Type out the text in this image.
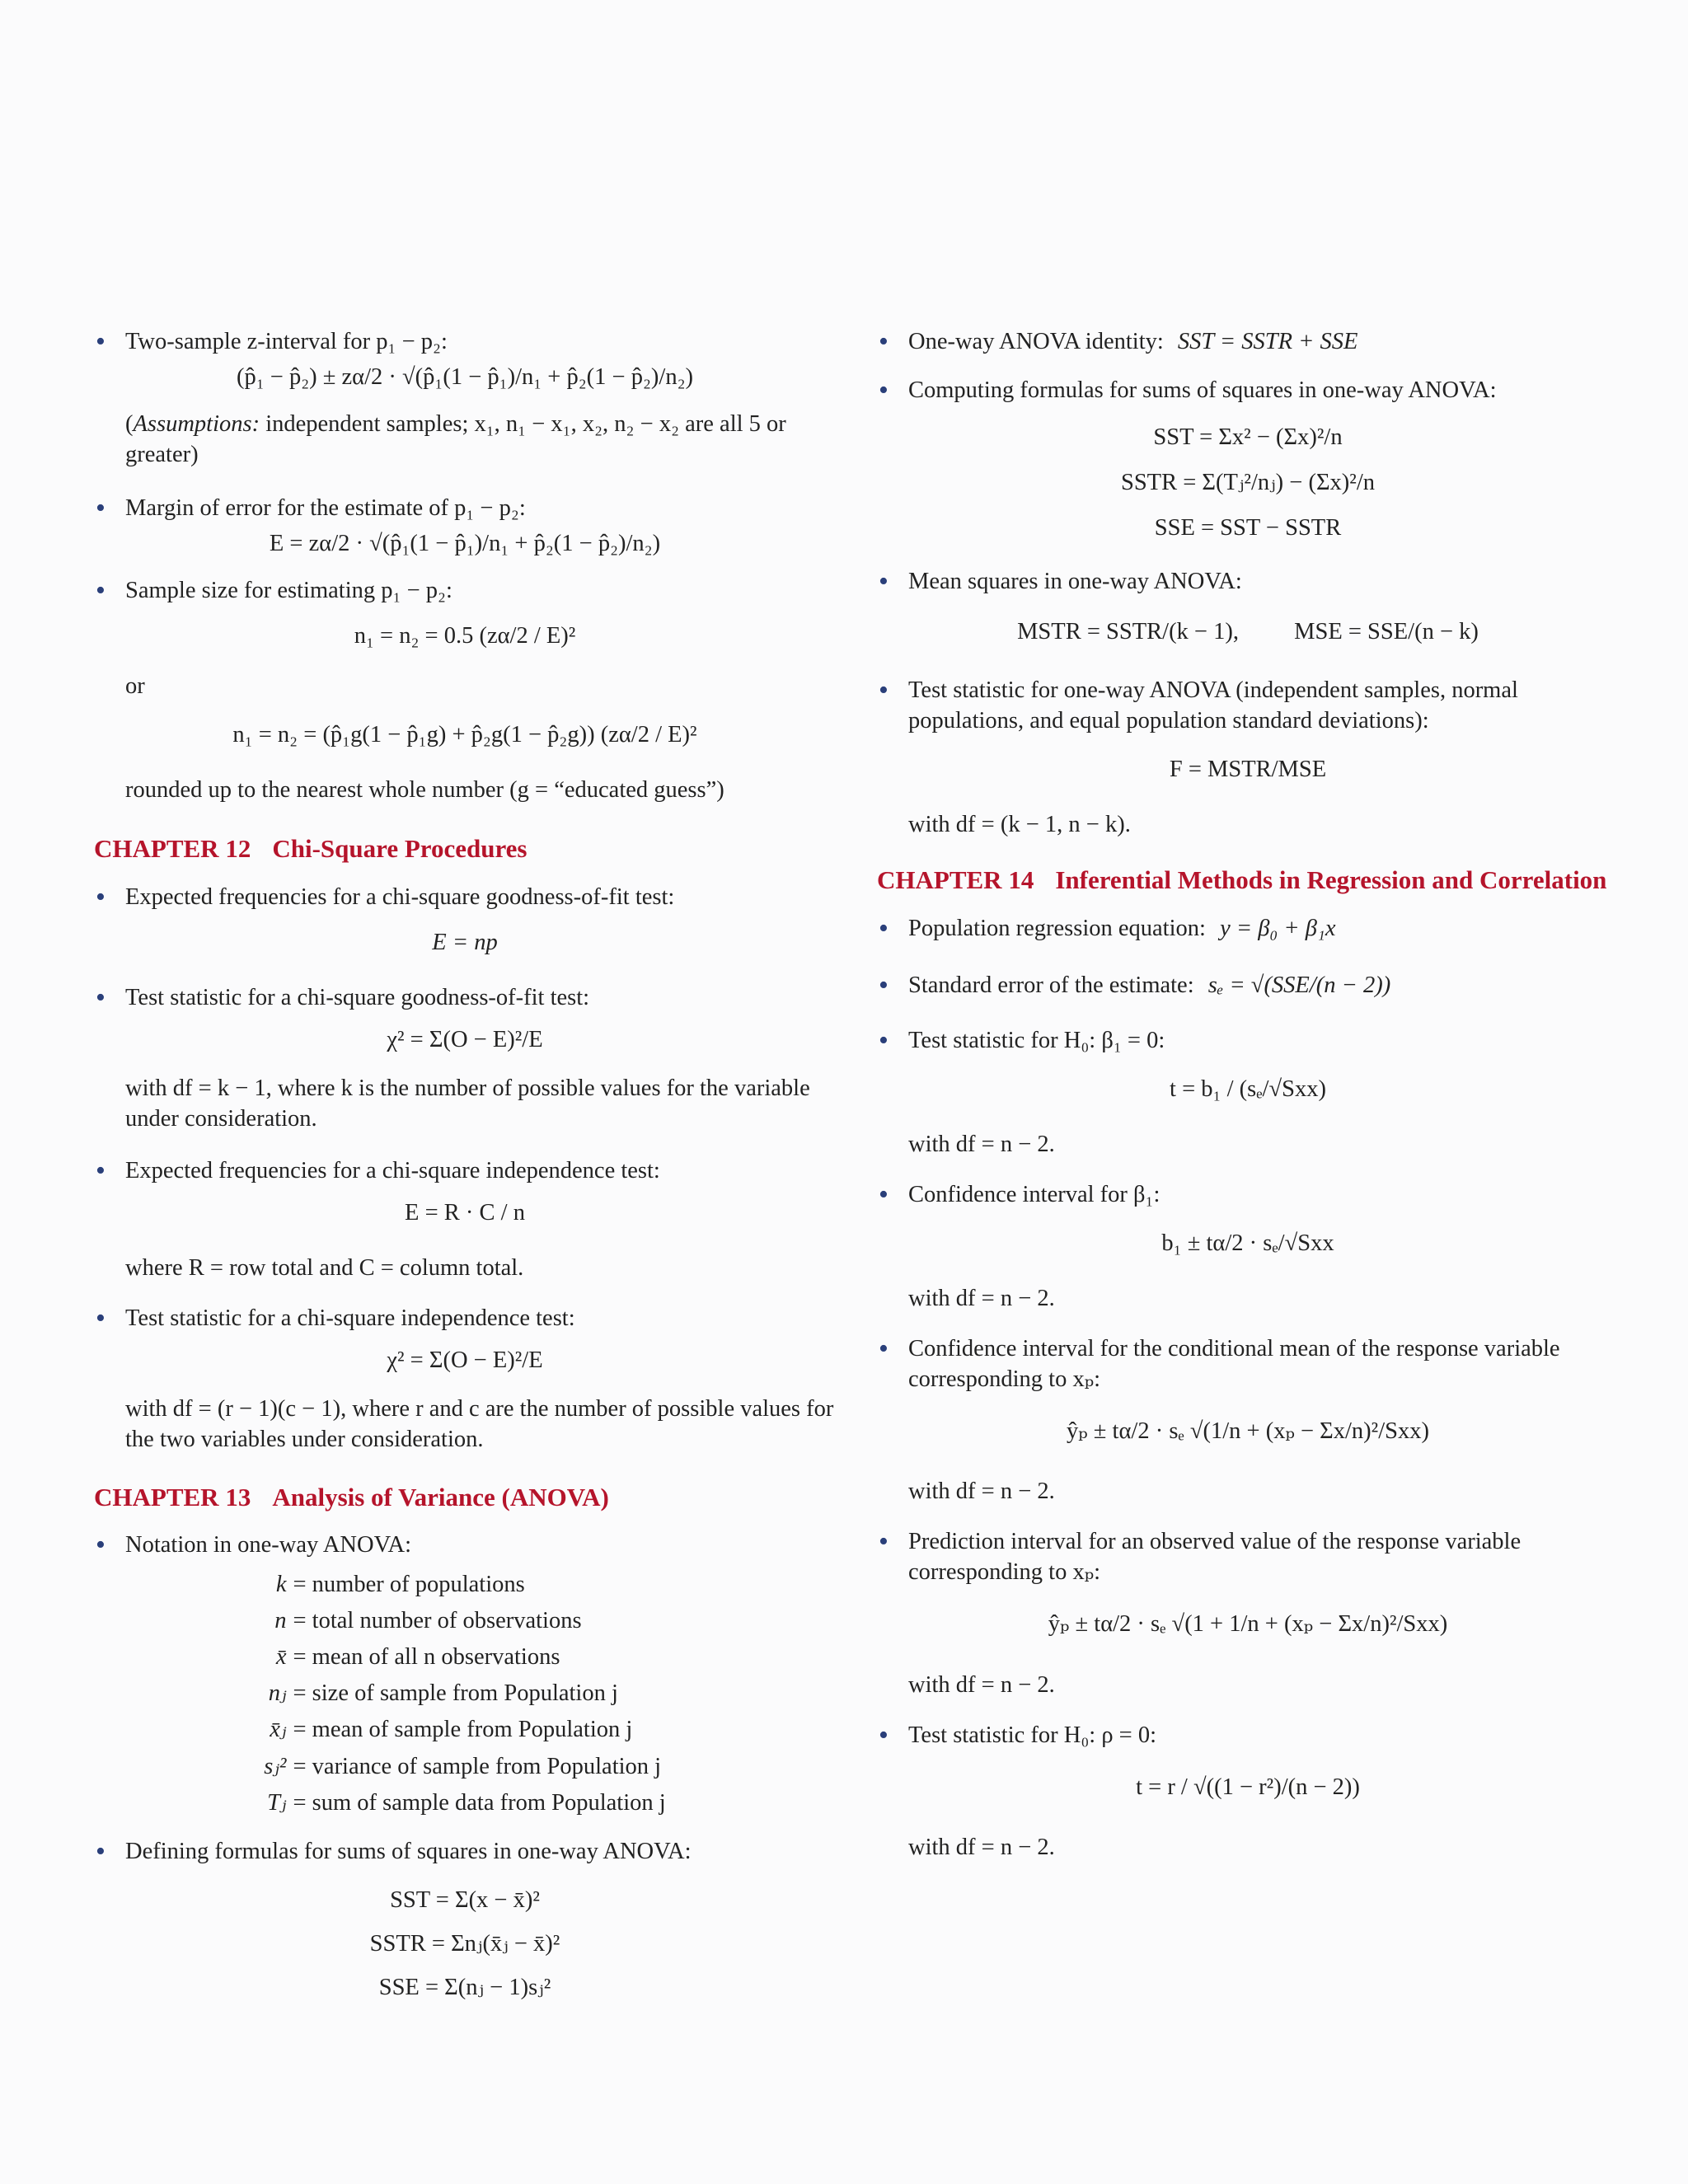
• Two-sample z-interval for p₁ − p₂:
(p̂₁ − p̂₂) ± zα/2 · √(p̂₁(1 − p̂₁)/n₁ + p̂₂(1 − p̂₂)/n₂)
(Assumptions: independent samples; x₁, n₁ − x₁, x₂, n₂ − x₂ are all 5 or greater)
• Margin of error for the estimate of p₁ − p₂:
E = zα/2 · √(p̂₁(1 − p̂₁)/n₁ + p̂₂(1 − p̂₂)/n₂)
• Sample size for estimating p₁ − p₂:
n₁ = n₂ = 0.5 (zα/2 / E)²
or
n₁ = n₂ = (p̂₁g(1 − p̂₁g) + p̂₂g(1 − p̂₂g)) (zα/2 / E)²
rounded up to the nearest whole number (g = “educated guess”)
CHAPTER 12 Chi-Square Procedures
• Expected frequencies for a chi-square goodness-of-fit test:
E = np
• Test statistic for a chi-square goodness-of-fit test:
χ² = Σ(O − E)²/E
with df = k − 1, where k is the number of possible values for the variable under consideration.
• Expected frequencies for a chi-square independence test:
E = R · C / n
where R = row total and C = column total.
• Test statistic for a chi-square independence test:
χ² = Σ(O − E)²/E
with df = (r − 1)(c − 1), where r and c are the number of possible values for the two variables under consideration.
CHAPTER 13 Analysis of Variance (ANOVA)
• Notation in one-way ANOVA:
k	= number of populations
n	= total number of observations
x̄	= mean of all n observations
nⱼ	= size of sample from Population j
x̄ⱼ	= mean of sample from Population j
sⱼ²	= variance of sample from Population j
Tⱼ	= sum of sample data from Population j
• Defining formulas for sums of squares in one-way ANOVA:
SST = Σ(x − x̄)²
SSTR = Σnⱼ(x̄ⱼ − x̄)²
SSE = Σ(nⱼ − 1)sⱼ²
• One-way ANOVA identity: SST = SSTR + SSE
• Computing formulas for sums of squares in one-way ANOVA:
SST = Σx² − (Σx)²/n
SSTR = Σ(Tⱼ²/nⱼ) − (Σx)²/n
SSE = SST − SSTR
• Mean squares in one-way ANOVA:
MSTR = SSTR/(k − 1), MSE = SSE/(n − k)
• Test statistic for one-way ANOVA (independent samples, normal populations, and equal population standard deviations):
F = MSTR/MSE
with df = (k − 1, n − k).
CHAPTER 14 Inferential Methods in Regression and Correlation
• Population regression equation: y = β₀ + β₁x
• Standard error of the estimate: sₑ = √(SSE/(n − 2))
• Test statistic for H₀: β₁ = 0:
t = b₁ / (sₑ/√Sxx)
with df = n − 2.
• Confidence interval for β₁:
b₁ ± tα/2 · sₑ/√Sxx
with df = n − 2.
• Confidence interval for the conditional mean of the response variable corresponding to xₚ:
ŷₚ ± tα/2 · sₑ √(1/n + (xₚ − Σx/n)²/Sxx)
with df = n − 2.
• Prediction interval for an observed value of the response variable corresponding to xₚ:
ŷₚ ± tα/2 · sₑ √(1 + 1/n + (xₚ − Σx/n)²/Sxx)
with df = n − 2.
• Test statistic for H₀: ρ = 0:
t = r / √((1 − r²)/(n − 2))
with df = n − 2.
